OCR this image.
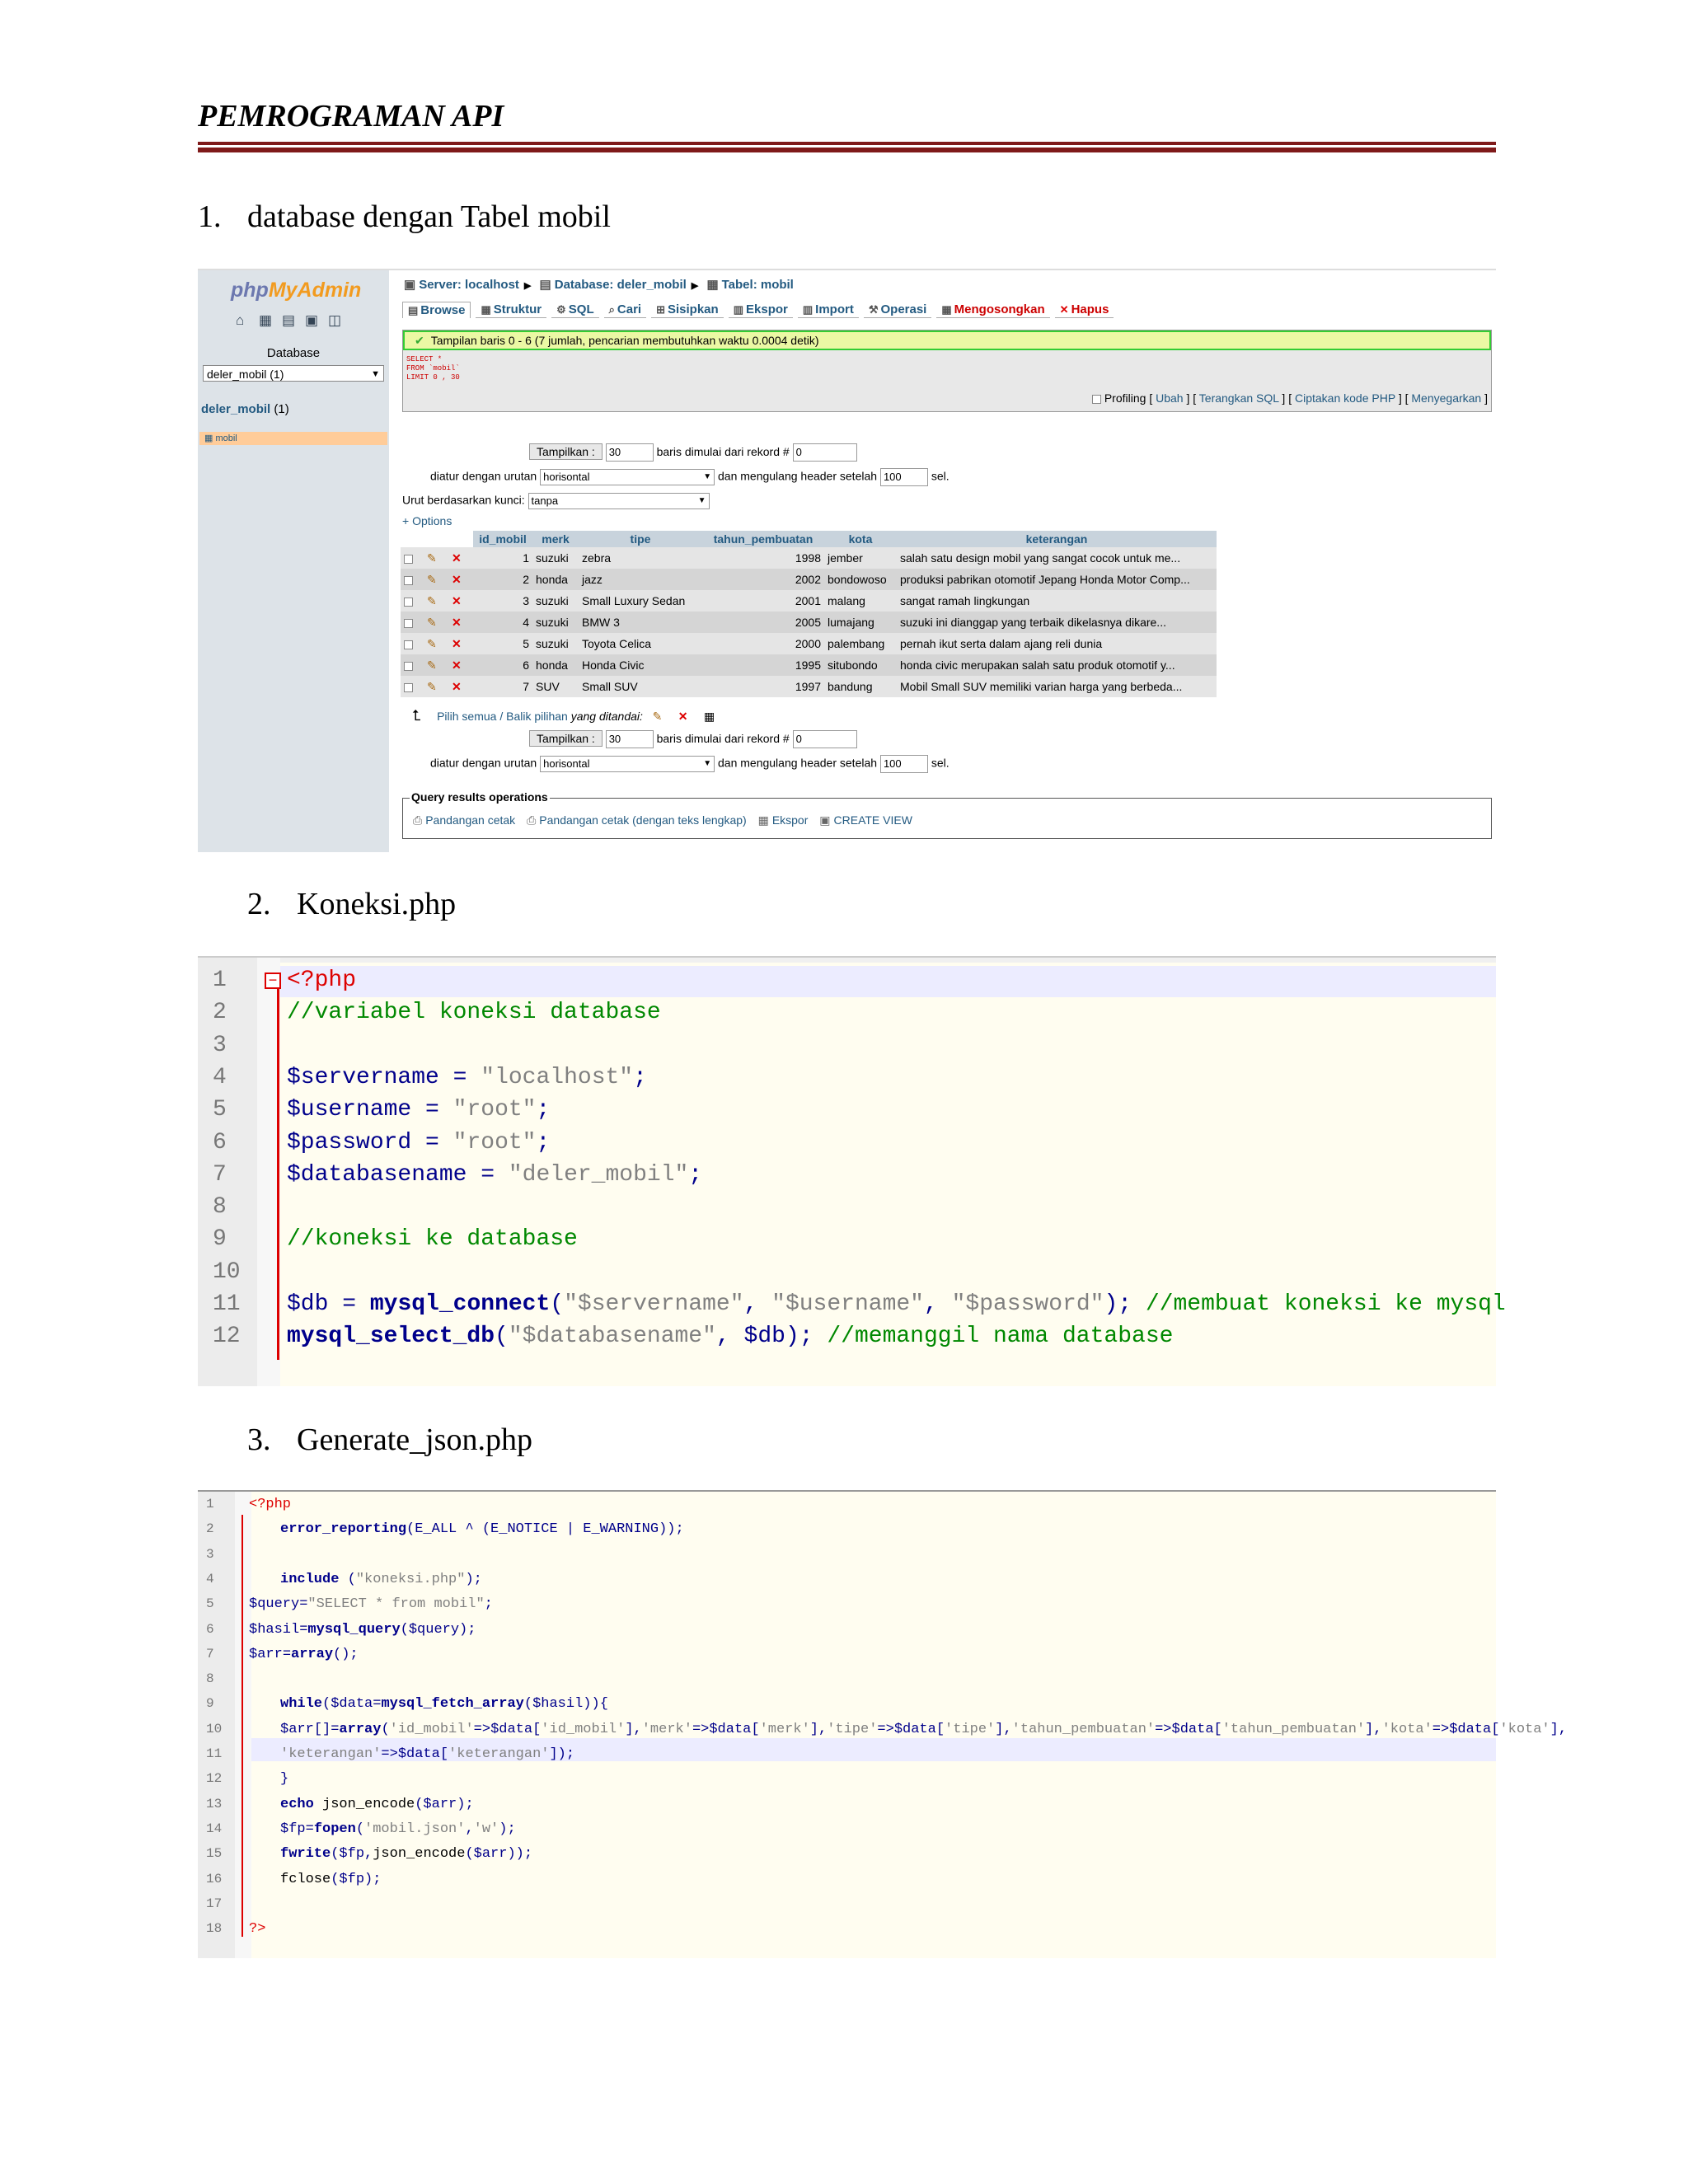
PEMROGRAMAN API
1. database dengan Tabel mobil
phpMyAdmin
⌂	▦ ▤ ▣ ◫
Database
deler_mobil (1)	▼
deler_mobil (1)
▦ mobil
▣ Server: localhost ▶ ▤ Database: deler_mobil ▶ ▦ Tabel: mobil
▤ Browse	▦ Struktur	⚙ SQL	⌕ Cari	⊞ Sisipkan	▥ Ekspor	▥ Import	⚒ Operasi	▦ Mengosongkan	✕ Hapus
✔ Tampilan baris 0 - 6 (7 jumlah, pencarian membutuhkan waktu 0.0004 detik)
SELECT *
FROM `mobil`
LIMIT 0 , 30
Profiling [ Ubah ] [ Terangkan SQL ] [ Ciptakan kode PHP ] [ Menyegarkan ]
Tampilkan : 30	baris dimulai dari rekord # 0
diatur dengan urutan horisontal	▼ dan mengulang header setelah 100	sel.
Urut berdasarkan kunci: tanpa	▼
+ Options
			id_mobil	merk	tipe	tahun_pembuatan	kota	keterangan
	✎	✕	1	suzuki	zebra	1998	jember	salah satu design mobil yang sangat cocok untuk me...
	✎	✕	2	honda	jazz	2002	bondowoso	produksi pabrikan otomotif Jepang Honda Motor Comp...
	✎	✕	3	suzuki	Small Luxury Sedan	2001	malang	sangat ramah lingkungan
	✎	✕	4	suzuki	BMW 3	2005	lumajang	suzuki ini dianggap yang terbaik dikelasnya dikare...
	✎	✕	5	suzuki	Toyota Celica	2000	palembang	pernah ikut serta dalam ajang reli dunia
	✎	✕	6	honda	Honda Civic	1995	situbondo	honda civic merupakan salah satu produk otomotif y...
	✎	✕	7	SUV	Small SUV	1997	bandung	Mobil Small SUV memiliki varian harga yang berbeda...
⮤ Pilih semua / Balik pilihan yang ditandai: ✎ ✕ ▦
Tampilkan : 30	baris dimulai dari rekord # 0
diatur dengan urutan horisontal	▼ dan mengulang header setelah 100	sel.
Query results operations
⎙ Pandangan cetak ⎙ Pandangan cetak (dengan teks lengkap) ▦ Ekspor ▣ CREATE VIEW
2. Koneksi.php
−
1	<?php
2	//variabel koneksi database
3
4	$servername = "localhost";
5	$username = "root";
6	$password = "root";
7	$databasename = "deler_mobil";
8
9	//koneksi ke database
10
11 $db = mysql_connect("$servername", "$username", "$password"); //membuat koneksi ke mysql
12 mysql_select_db("$databasename", $db); //memanggil nama database
3. Generate_json.php
1 <?php
2	error_reporting(E_ALL ^ (E_NOTICE | E_WARNING));
3
4	include ("koneksi.php");
5 $query="SELECT * from mobil";
6 $hasil=mysql_query($query);
7 $arr=array();
8
9	while($data=mysql_fetch_array($hasil)){
10	$arr[]=array('id_mobil'=>$data['id_mobil'],'merk'=>$data['merk'],'tipe'=>$data['tipe'],'tahun_pembuatan'=>$data['tahun_pembuatan'],'kota'=>$data['kota'],
11	'keterangan'=>$data['keterangan']);
12	}
13	echo json_encode($arr);
14	$fp=fopen('mobil.json','w');
15	fwrite($fp,json_encode($arr));
16	fclose($fp);
17
18 ?>
